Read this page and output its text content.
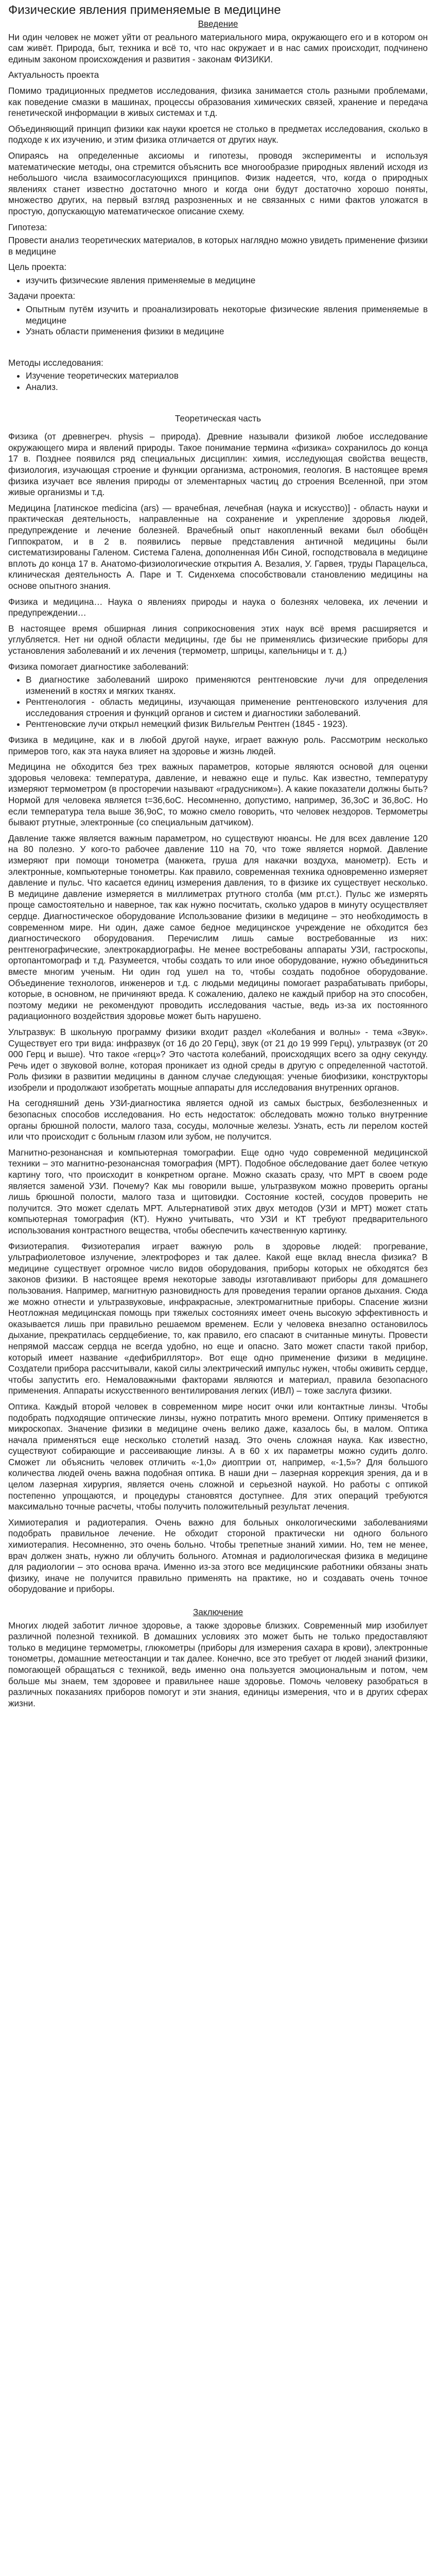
Физические явления применяемые в медицине
Введение

Ни один человек не может уйти от реального материального мира, окружающего его и в котором он сам живёт. Природа, быт, техника и всё то, что нас окружает и в нас самих происходит, подчинено единым законом происхождения и развития - законам ФИЗИКИ.

Актуальность проекта

Помимо традиционных предметов исследования, физика занимается столь разными проблемами, как поведение смазки в машинах, процессы образования химических связей, хранение и передача генетической информации в живых системах и т.д.

Объединяющий принцип физики как науки кроется не столько в предметах исследования, сколько в подходе к их изучению, и этим физика отличается от других наук.

Опираясь на определенные аксиомы и гипотезы, проводя эксперименты и используя математические методы, она стремится объяснить все многообразие природных явлений исходя из небольшого числа взаимосогласующихся принципов. Физик надеется, что, когда о природных явлениях станет известно достаточно много и когда они будут достаточно хорошо поняты, множество других, на первый взгляд разрозненных и не связанных с ними фактов уложатся в простую, допускающую математическое описание схему.

Гипотеза:

Провести анализ теоретических материалов, в которых наглядно можно увидеть применение физики в медицине

Цель проекта:
• изучить физические явления применяемые в медицине
Задачи проекта:
• Опытным путём изучить и проанализировать некоторые физические явления применяемые в медицине
• Узнать области применения физики в медицине
Методы исследования:
• Изучение теоретических материалов
• Анализ.
Теоретическая часть

Физика (от древнегреч. physis – природа). Древние называли физикой любое исследование окружающего мира и явлений природы. Такое понимание термина «физика» сохранилось до конца 17 в. Позднее появился ряд специальных дисциплин: химия, исследующая свойства веществ, физиология, изучающая строение и функции организма, астрономия, геология. В настоящее время физика изучает все явления природы от элементарных частиц до строения Вселенной, при этом живые организмы и т.д.

Медицина [латинское medicina (ars) — врачебная, лечебная (наука и искусство)] - область науки и практическая деятельность, направленные на сохранение и укрепление здоровья людей, предупреждение и лечение болезней. Врачебный опыт накопленный веками был обобщён Гиппократом, и в 2 в. появились первые представления античной медицины были систематизированы Галеном. Система Галена, дополненная Ибн Синой, господствовала в медицине вплоть до конца 17 в. Анатомо-физиологические открытия А. Везалия, У. Гарвея, труды Парацельса, клиническая деятельность А. Паре и Т. Сиденхема способствовали становлению медицины на основе опытного знания.

Физика и медицина… Наука о явлениях природы и наука о болезнях человека, их лечении и предупреждении…

В настоящее время обширная линия соприкосновения этих наук всё время расширяется и углубляется. Нет ни одной области медицины, где бы не применялись физические приборы для установления заболеваний и их лечения (термометр, шприцы, капельницы и т. д.)

Физика помогает диагностике заболеваний:
• В диагностике заболеваний широко применяются рентгеновские лучи для определения изменений в костях и мягких тканях.
• Рентгенология - область медицины, изучающая применение рентгеновского излучения для исследования строения и функций органов и систем и диагностики заболеваний.
• Рентгеновские лучи открыл немецкий физик Вильгельм Рентген (1845 - 1923).

Физика в медицине, как и в любой другой науке, играет важную роль. Рассмотрим несколько примеров того, как эта наука влияет на здоровье и жизнь людей.

Медицина не обходится без трех важных параметров, которые являются основой для оценки здоровья человека: температура, давление, и неважно еще и пульс. Как известно, температуру измеряют термометром (в просторечии называют «градусником»). А какие показатели должны быть? Нормой для человека является t=36,6оС. Несомненно, допустимо, например, 36,3оС и 36,8оС. Но если температура тела выше 36,9оС, то можно смело говорить, что человек нездоров. Термометры бывают ртутные, электронные (со специальным датчиком).

Давление также является важным параметром, но существуют нюансы. Не для всех давление 120 на 80 полезно. У кого-то рабочее давление 110 на 70, что тоже является нормой. Давление измеряют при помощи тонометра (манжета, груша для накачки воздуха, манометр). Есть и электронные, компьютерные тонометры. Как правило, современная техника одновременно измеряет давление и пульс. Что касается единиц измерения давления, то в физике их существует несколько. В медицине давление измеряется в миллиметрах ртутного столба (мм рт.ст.). Пульс же измерять проще самостоятельно и наверное, так как нужно посчитать, сколько ударов в минуту осуществляет сердце. Диагностическое оборудование Использование физики в медицине – это необходимость в современном мире. Ни один, даже самое бедное медицинское учреждение не обходится без диагностического оборудования. Перечислим лишь самые востребованные из них: рентгенографические, электрокардиографы. Не менее востребованы аппараты УЗИ, гастроскопы, ортопантомограф и т.д. Разумеется, чтобы создать то или иное оборудование, нужно объединиться вместе многим ученым. Ни один год ушел на то, чтобы создать подобное оборудование. Объединение технологов, инженеров и т.д. с людьми медицины помогает разрабатывать приборы, которые, в основном, не причиняют вреда. К сожалению, далеко не каждый прибор на это способен, поэтому медики не рекомендуют проводить исследования частые, ведь из-за их постоянного радиационного воздействия здоровье может быть нарушено.

Ультразвук: В школьную программу физики входит раздел «Колебания и волны» - тема «Звук». Существует его три вида: инфразвук (от 16 до 20 Герц), звук (от 21 до 19 999 Герц), ультразвук (от 20 000 Герц и выше). Что такое «герц»? Это частота колебаний, происходящих всего за одну секунду. Речь идет о звуковой волне, которая проникает из одной среды в другую с определенной частотой. Роль физики в развитии медицины в данном случае следующая: ученые биофизики, конструкторы изобрели и продолжают изобретать мощные аппараты для исследования внутренних органов.

На сегодняшний день УЗИ-диагностика является одной из самых быстрых, безболезненных и безопасных способов исследования. Но есть недостаток: обследовать можно только внутренние органы брюшной полости, малого таза, сосуды, молочные железы. Узнать, есть ли перелом костей или что происходит с больным глазом или зубом, не получится.

Магнитно-резонансная и компьютерная томографии. Еще одно чудо современной медицинской техники – это магнитно-резонансная томография (МРТ). Подобное обследование дает более четкую картину того, что происходит в конкретном органе. Можно сказать сразу, что МРТ в своем роде является заменой УЗИ. Почему? Как мы говорили выше, ультразвуком можно проверить органы лишь брюшной полости, малого таза и щитовидки. Состояние костей, сосудов проверить не получится. Это может сделать МРТ. Альтернативой этих двух методов (УЗИ и МРТ) может стать компьютерная томография (КТ). Нужно учитывать, что УЗИ и КТ требуют предварительного использования контрастного вещества, чтобы обеспечить качественную картинку.

Физиотерапия. Физиотерапия играет важную роль в здоровье людей: прогревание, ультрафиолетовое излучение, электрофорез и так далее. Какой еще вклад внесла физика? В медицине существует огромное число видов оборудования, приборы которых не обходятся без законов физики. В настоящее время некоторые заводы изготавливают приборы для домашнего пользования. Например, магнитную разновидность для проведения терапии органов дыхания. Сюда же можно отнести и ультразвуковые, инфракрасные, электромагнитные приборы. Спасение жизни Неотложная медицинская помощь при тяжелых состояниях имеет очень высокую эффективность и оказывается лишь при правильно решаемом временем. Если у человека внезапно остановилось дыхание, прекратилась сердцебиение, то, как правило, его спасают в считанные минуты. Провести непрямой массаж сердца не всегда удобно, но еще и опасно. Зато может спасти такой прибор, который имеет название «дефибриллятор». Вот еще одно применение физики в медицине. Создатели прибора рассчитывали, какой силы электрический импульс нужен, чтобы оживить сердце, чтобы запустить его. Немаловажными факторами являются и материал, правила безопасного применения. Аппараты искусственного вентилирования легких (ИВЛ) – тоже заслуга физики.

Оптика. Каждый второй человек в современном мире носит очки или контактные линзы. Чтобы подобрать подходящие оптические линзы, нужно потратить много времени. Оптику применяется в микроскопах. Значение физики в медицине очень велико даже, казалось бы, в малом. Оптика начала применяться еще несколько столетий назад. Это очень сложная наука. Как известно, существуют собирающие и рассеивающие линзы. А в 60 х их параметры можно судить долго. Сможет ли объяснить человек отличить «-1,0» диоптрии от, например, «-1,5»? Для большого количества людей очень важна подобная оптика. В наши дни – лазерная коррекция зрения, да и в целом лазерная хирургия, является очень сложной и серьезной наукой. Но работы с оптикой постепенно упрощаются, и процедуры становятся доступнее. Для этих операций требуются максимально точные расчеты, чтобы получить положительный результат лечения.

Химиотерапия и радиотерапия. Очень важно для больных онкологическими заболеваниями подобрать правильное лечение. Не обходит стороной практически ни одного больного химиотерапия. Несомненно, это очень больно. Чтобы трепетные знаний химии. Но, тем не менее, врач должен знать, нужно ли облучить больного. Атомная и радиологическая физика в медицине для радиологии – это основа врача. Именно из-за этого все медицинские работники обязаны знать физику, иначе не получится правильно применять на практике, но и создавать очень точное оборудование и приборы.

Заключение

Многих людей заботит личное здоровье, а также здоровье близких. Современный мир изобилует различной полезной техникой. В домашних условиях это может быть не только предоставляют только в медицине термометры, глюкометры (приборы для измерения сахара в крови), электронные тонометры, домашние метеостанции и так далее. Конечно, все это требует от людей знаний физики, помогающей обращаться с техникой, ведь именно она пользуется эмоциональным и потом, чем больше мы знаем, тем здоровее и правильнее наше здоровье. Помочь человеку разобраться в различных показаниях приборов помогут и эти знания, единицы измерения, что и в других сферах жизни.
